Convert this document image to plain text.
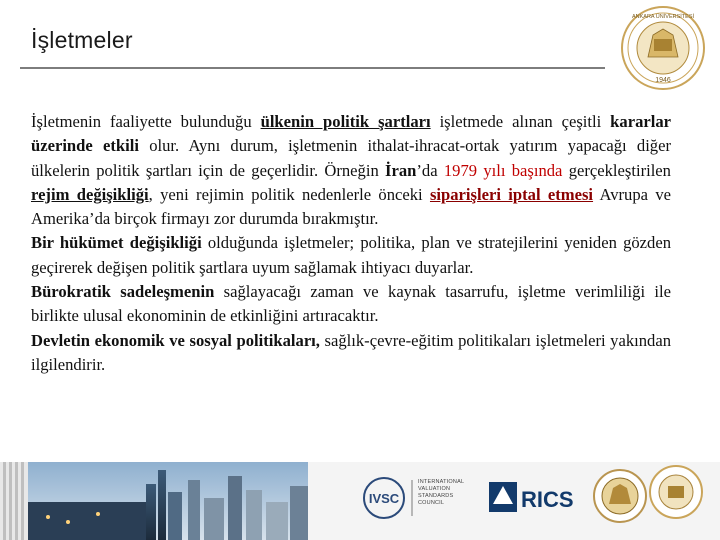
İşletmeler
ANKARA ÜNİVERSİTESİ
1946

İşletmenin faaliyette bulunduğu ülkenin politik şartları işletmede alınan çeşitli kararlar üzerinde etkili olur. Aynı durum, işletmenin ithalat-ihracat-ortak yatırım yapacağı diğer ülkelerin politik şartları için de geçerlidir. Örneğin İran’da 1979 yılı başında gerçekleştirilen rejim değişikliği, yeni rejimin politik nedenlerle önceki siparişleri iptal etmesi Avrupa ve Amerika’da birçok firmayı zor durumda bırakmıştır.

Bir hükümet değişikliği olduğunda işletmeler; politika, plan ve stratejilerini yeniden gözden geçirerek değişen politik şartlara uyum sağlamak ihtiyacı duyarlar.

Bürokratik sadeleşmenin sağlayacağı zaman ve kaynak tasarrufu, işletme verimliliği ile birlikte ulusal ekonominin de etkinliğini artıracaktır.

Devletin ekonomik ve sosyal politikaları, sağlık-çevre-eğitim politikaları işletmeleri yakından ilgilendirir.

IVSC
INTERNATIONAL
VALUATION
STANDARDS
COUNCIL	RICS
